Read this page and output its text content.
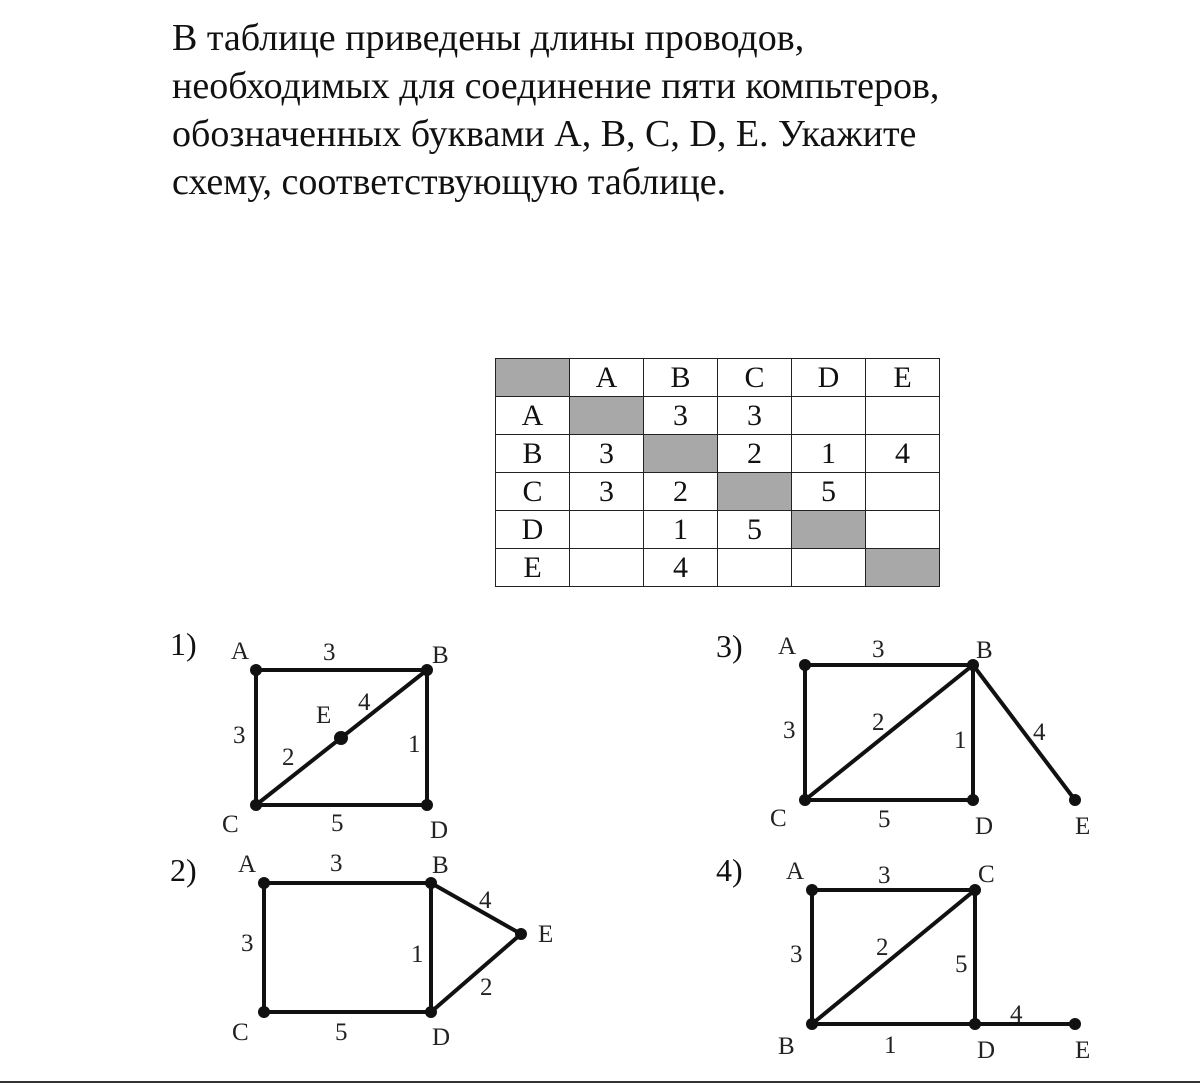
В таблице приведены длины проводов,
необходимых для соединение пяти компьтеров,
обозначенных буквами A, B, C, D, E. Укажите
схему, соответствующую таблице.
	A	B	C	D	E
A		3	3		
B	3		2	1	4
C	3	2		5	
D		1	5		
E		4			
1) A	B
C	D
E
3
3
4
2	1
5
2) A	B
C	D
E
3
3	1
4
2
5
3) A	B
C	D	E
3
3	2
1	4
5
4) A	C
B	D	E
3
3	2
5
4
1
